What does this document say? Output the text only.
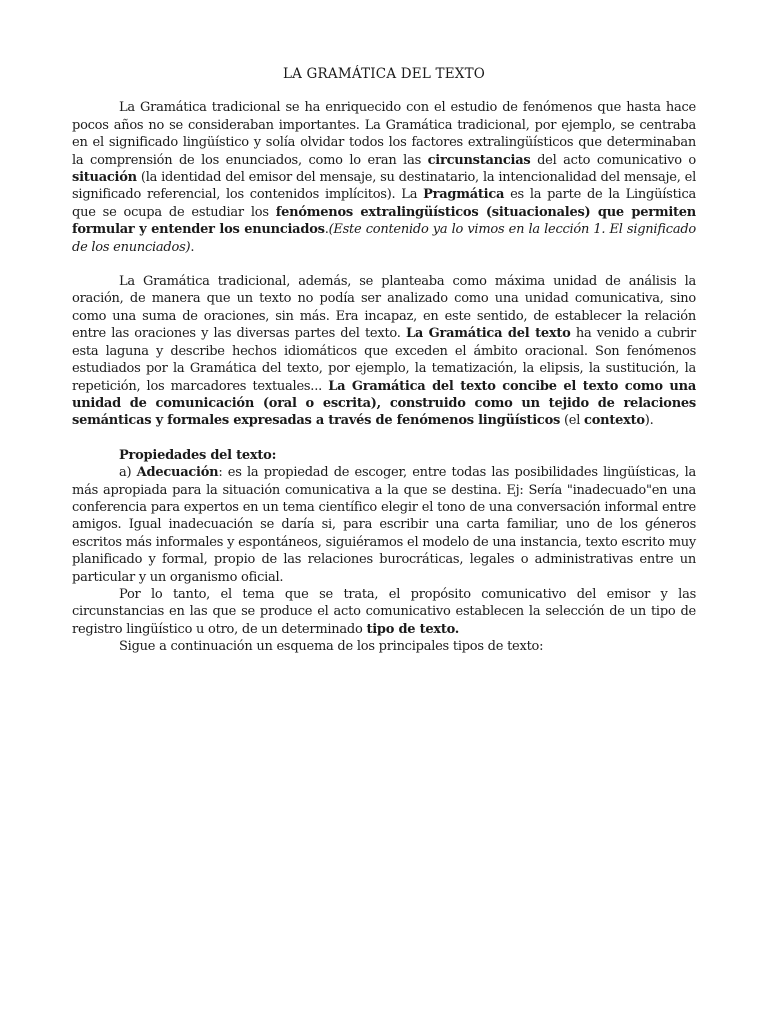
LA GRAMÁTICA DEL TEXTO

La Gramática tradicional se ha enriquecido con el estudio de fenómenos que hasta hace pocos años no se consideraban importantes. La Gramática tradicional, por ejemplo, se centraba en el significado lingüístico y solía olvidar todos los factores extralingüísticos que determinaban la comprensión de los enunciados, como lo eran las circunstancias del acto comunicativo o situación (la identidad del emisor del mensaje, su destinatario, la intencionalidad del mensaje, el significado referencial, los contenidos implícitos). La Pragmática es la parte de la Lingüística que se ocupa de estudiar los fenómenos extralingüísticos (situacionales) que permiten formular y entender los enunciados.(Este contenido ya lo vimos en la lección 1. El significado de los enunciados).

La Gramática tradicional, además, se planteaba como máxima unidad de análisis la oración, de manera que un texto no podía ser analizado como una unidad comunicativa, sino como una suma de oraciones, sin más. Era incapaz, en este sentido, de establecer la relación entre las oraciones y las diversas partes del texto. La Gramática del texto ha venido a cubrir esta laguna y describe hechos idiomáticos que exceden el ámbito oracional. Son fenómenos estudiados por la Gramática del texto, por ejemplo, la tematización, la elipsis, la sustitución, la repetición, los marcadores textuales... La Gramática del texto concibe el texto como una unidad de comunicación (oral o escrita), construido como un tejido de relaciones semánticas y formales expresadas a través de fenómenos lingüísticos (el contexto).

Propiedades del texto:

a) Adecuación: es la propiedad de escoger, entre todas las posibilidades lingüísticas, la más apropiada para la situación comunicativa a la que se destina. Ej: Sería "inadecuado"en una conferencia para expertos en un tema científico elegir el tono de una conversación informal entre amigos. Igual inadecuación se daría si, para escribir una carta familiar, uno de los géneros escritos más informales y espontáneos, siguiéramos el modelo de una instancia, texto escrito muy planificado y formal, propio de las relaciones burocráticas, legales o administrativas entre un particular y un organismo oficial.

Por lo tanto, el tema que se trata, el propósito comunicativo del emisor y las circunstancias en las que se produce el acto comunicativo establecen la selección de un tipo de registro lingüístico u otro, de un determinado tipo de texto.

Sigue a continuación un esquema de los principales tipos de texto:
